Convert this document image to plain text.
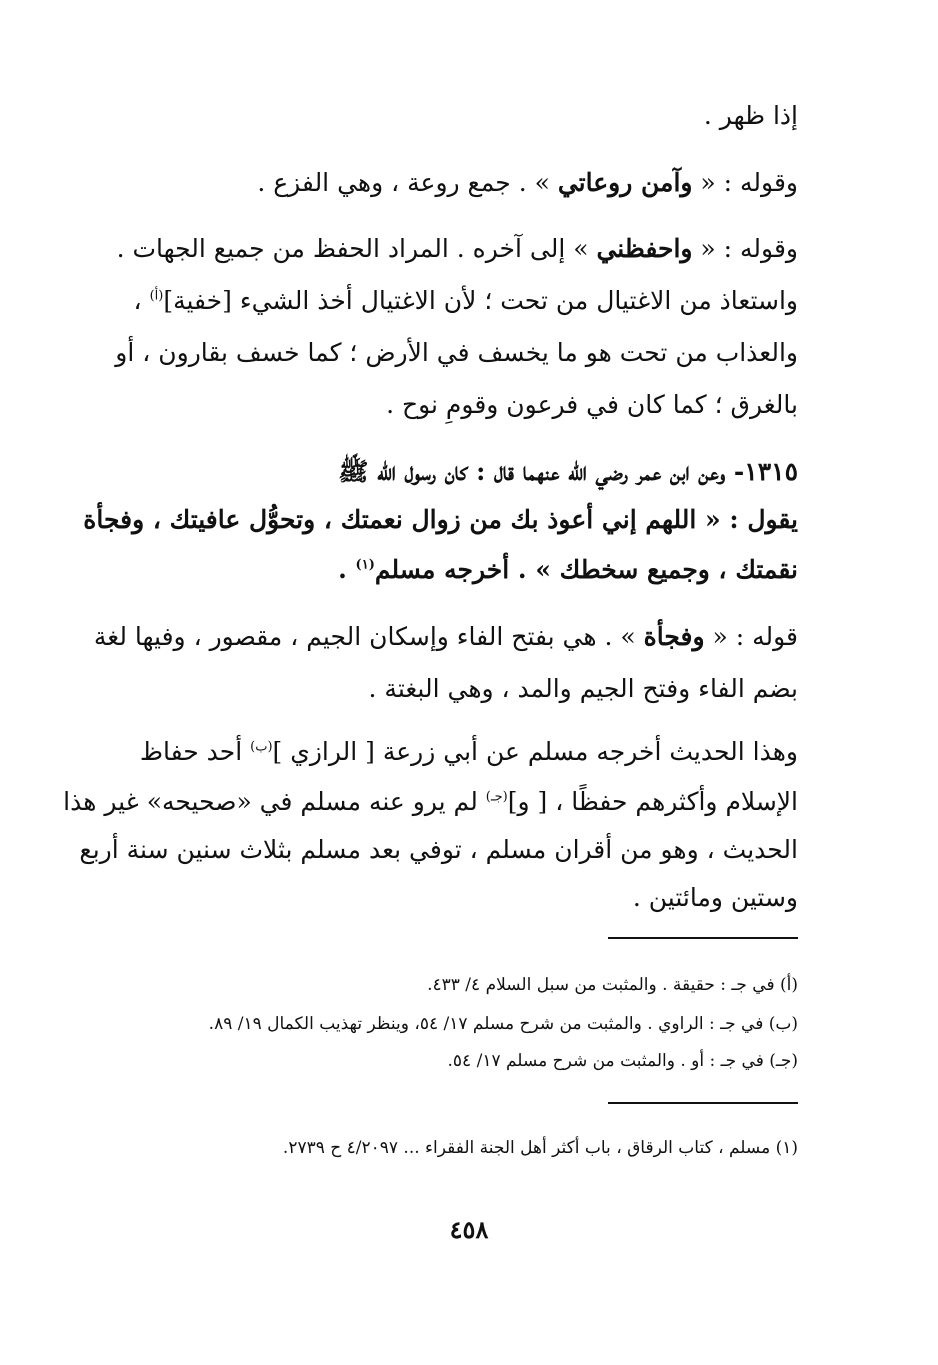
إذا ظهر .
وقوله : « وآمن روعاتي » . جمع روعة ، وهي الفزع .
وقوله : « واحفظني » إلى آخره . المراد الحفظ من جميع الجهات .
واستعاذ من الاغتيال من تحت ؛ لأن الاغتيال أخذ الشيء [خفية]$^{(أ)}$ ،
والعذاب من تحت هو ما يخسف في الأرض ؛ كما خسف بقارون ، أو
بالغرق ؛ كما كان في فرعون وقومِ نوح .
١٣١٥- وعن ابن عمر رضي الله عنهما قال : كان رسول الله ﷺ
يقول : « اللهم إني أعوذ بك من زوال نعمتك ، وتحوُّل عافيتك ، وفجأة
نقمتك ، وجميع سخطك » . أخرجه مسلم$^{(١)}$ .
قوله : « وفجأة » . هي بفتح الفاء وإسكان الجيم ، مقصور ، وفيها لغة
بضم الفاء وفتح الجيم والمد ، وهي البغتة .
وهذا الحديث أخرجه مسلم عن أبي زرعة [ الرازي ]$^{(ب)}$ أحد حفاظ
الإسلام وأكثرهم حفظًا ، [ و]$^{(جـ)}$ لم يرو عنه مسلم في «صحيحه» غير هذا
الحديث ، وهو من أقران مسلم ، توفي بعد مسلم بثلاث سنين سنة أربع
وستين ومائتين .
(أ) في جـ : حقيقة . والمثبت من سبل السلام ٤/ ٤٣٣.
(ب) في جـ : الراوي . والمثبت من شرح مسلم ١٧/ ٥٤، وينظر تهذيب الكمال ١٩/ ٨٩.
(جـ) في جـ : أو . والمثبت من شرح مسلم ١٧/ ٥٤.
(١) مسلم ، كتاب الرقاق ، باب أكثر أهل الجنة الفقراء ... ٤/٢٠٩٧ ح ٢٧٣٩.
٤٥٨
